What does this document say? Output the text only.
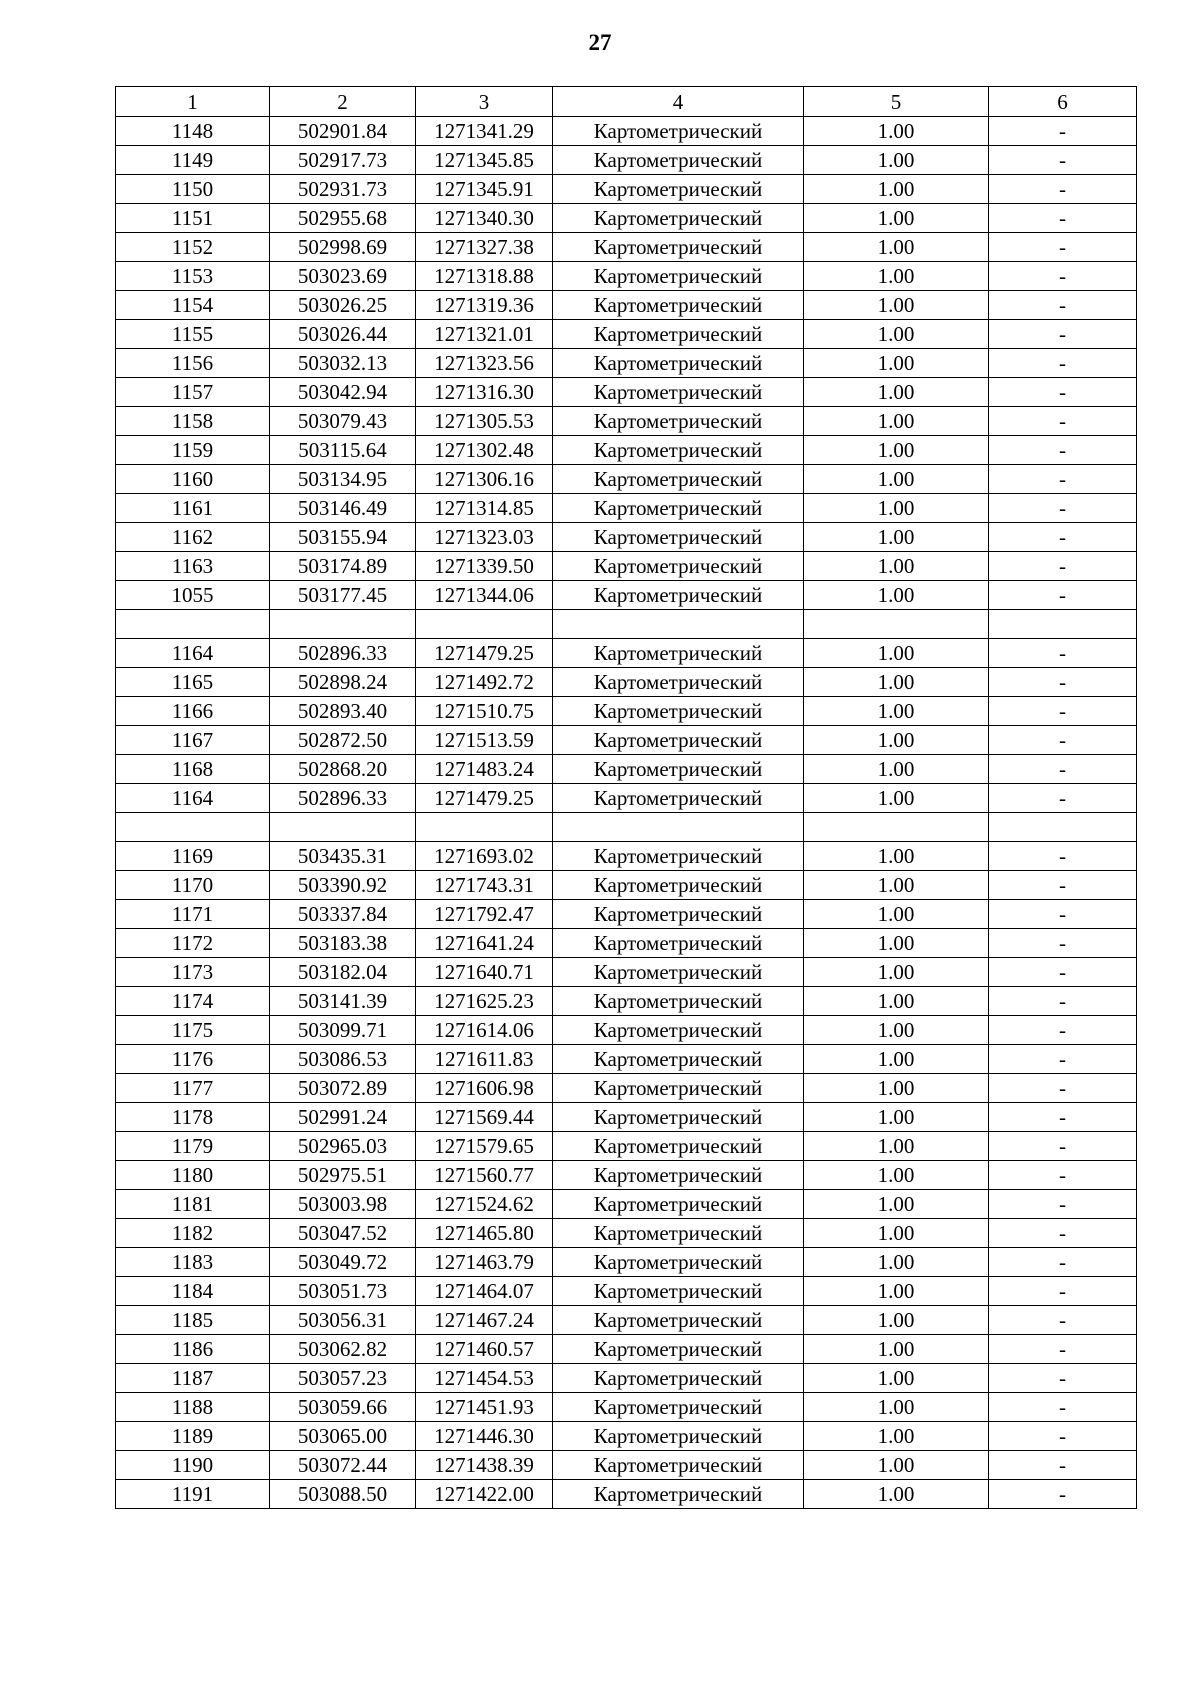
27
1	2	3	4	5	6
1148	502901.84	1271341.29	Картометрический	1.00	-
1149	502917.73	1271345.85	Картометрический	1.00	-
1150	502931.73	1271345.91	Картометрический	1.00	-
1151	502955.68	1271340.30	Картометрический	1.00	-
1152	502998.69	1271327.38	Картометрический	1.00	-
1153	503023.69	1271318.88	Картометрический	1.00	-
1154	503026.25	1271319.36	Картометрический	1.00	-
1155	503026.44	1271321.01	Картометрический	1.00	-
1156	503032.13	1271323.56	Картометрический	1.00	-
1157	503042.94	1271316.30	Картометрический	1.00	-
1158	503079.43	1271305.53	Картометрический	1.00	-
1159	503115.64	1271302.48	Картометрический	1.00	-
1160	503134.95	1271306.16	Картометрический	1.00	-
1161	503146.49	1271314.85	Картометрический	1.00	-
1162	503155.94	1271323.03	Картометрический	1.00	-
1163	503174.89	1271339.50	Картометрический	1.00	-
1055	503177.45	1271344.06	Картометрический	1.00	-

1164	502896.33	1271479.25	Картометрический	1.00	-
1165	502898.24	1271492.72	Картометрический	1.00	-
1166	502893.40	1271510.75	Картометрический	1.00	-
1167	502872.50	1271513.59	Картометрический	1.00	-
1168	502868.20	1271483.24	Картометрический	1.00	-
1164	502896.33	1271479.25	Картометрический	1.00	-

1169	503435.31	1271693.02	Картометрический	1.00	-
1170	503390.92	1271743.31	Картометрический	1.00	-
1171	503337.84	1271792.47	Картометрический	1.00	-
1172	503183.38	1271641.24	Картометрический	1.00	-
1173	503182.04	1271640.71	Картометрический	1.00	-
1174	503141.39	1271625.23	Картометрический	1.00	-
1175	503099.71	1271614.06	Картометрический	1.00	-
1176	503086.53	1271611.83	Картометрический	1.00	-
1177	503072.89	1271606.98	Картометрический	1.00	-
1178	502991.24	1271569.44	Картометрический	1.00	-
1179	502965.03	1271579.65	Картометрический	1.00	-
1180	502975.51	1271560.77	Картометрический	1.00	-
1181	503003.98	1271524.62	Картометрический	1.00	-
1182	503047.52	1271465.80	Картометрический	1.00	-
1183	503049.72	1271463.79	Картометрический	1.00	-
1184	503051.73	1271464.07	Картометрический	1.00	-
1185	503056.31	1271467.24	Картометрический	1.00	-
1186	503062.82	1271460.57	Картометрический	1.00	-
1187	503057.23	1271454.53	Картометрический	1.00	-
1188	503059.66	1271451.93	Картометрический	1.00	-
1189	503065.00	1271446.30	Картометрический	1.00	-
1190	503072.44	1271438.39	Картометрический	1.00	-
1191	503088.50	1271422.00	Картометрический	1.00	-
